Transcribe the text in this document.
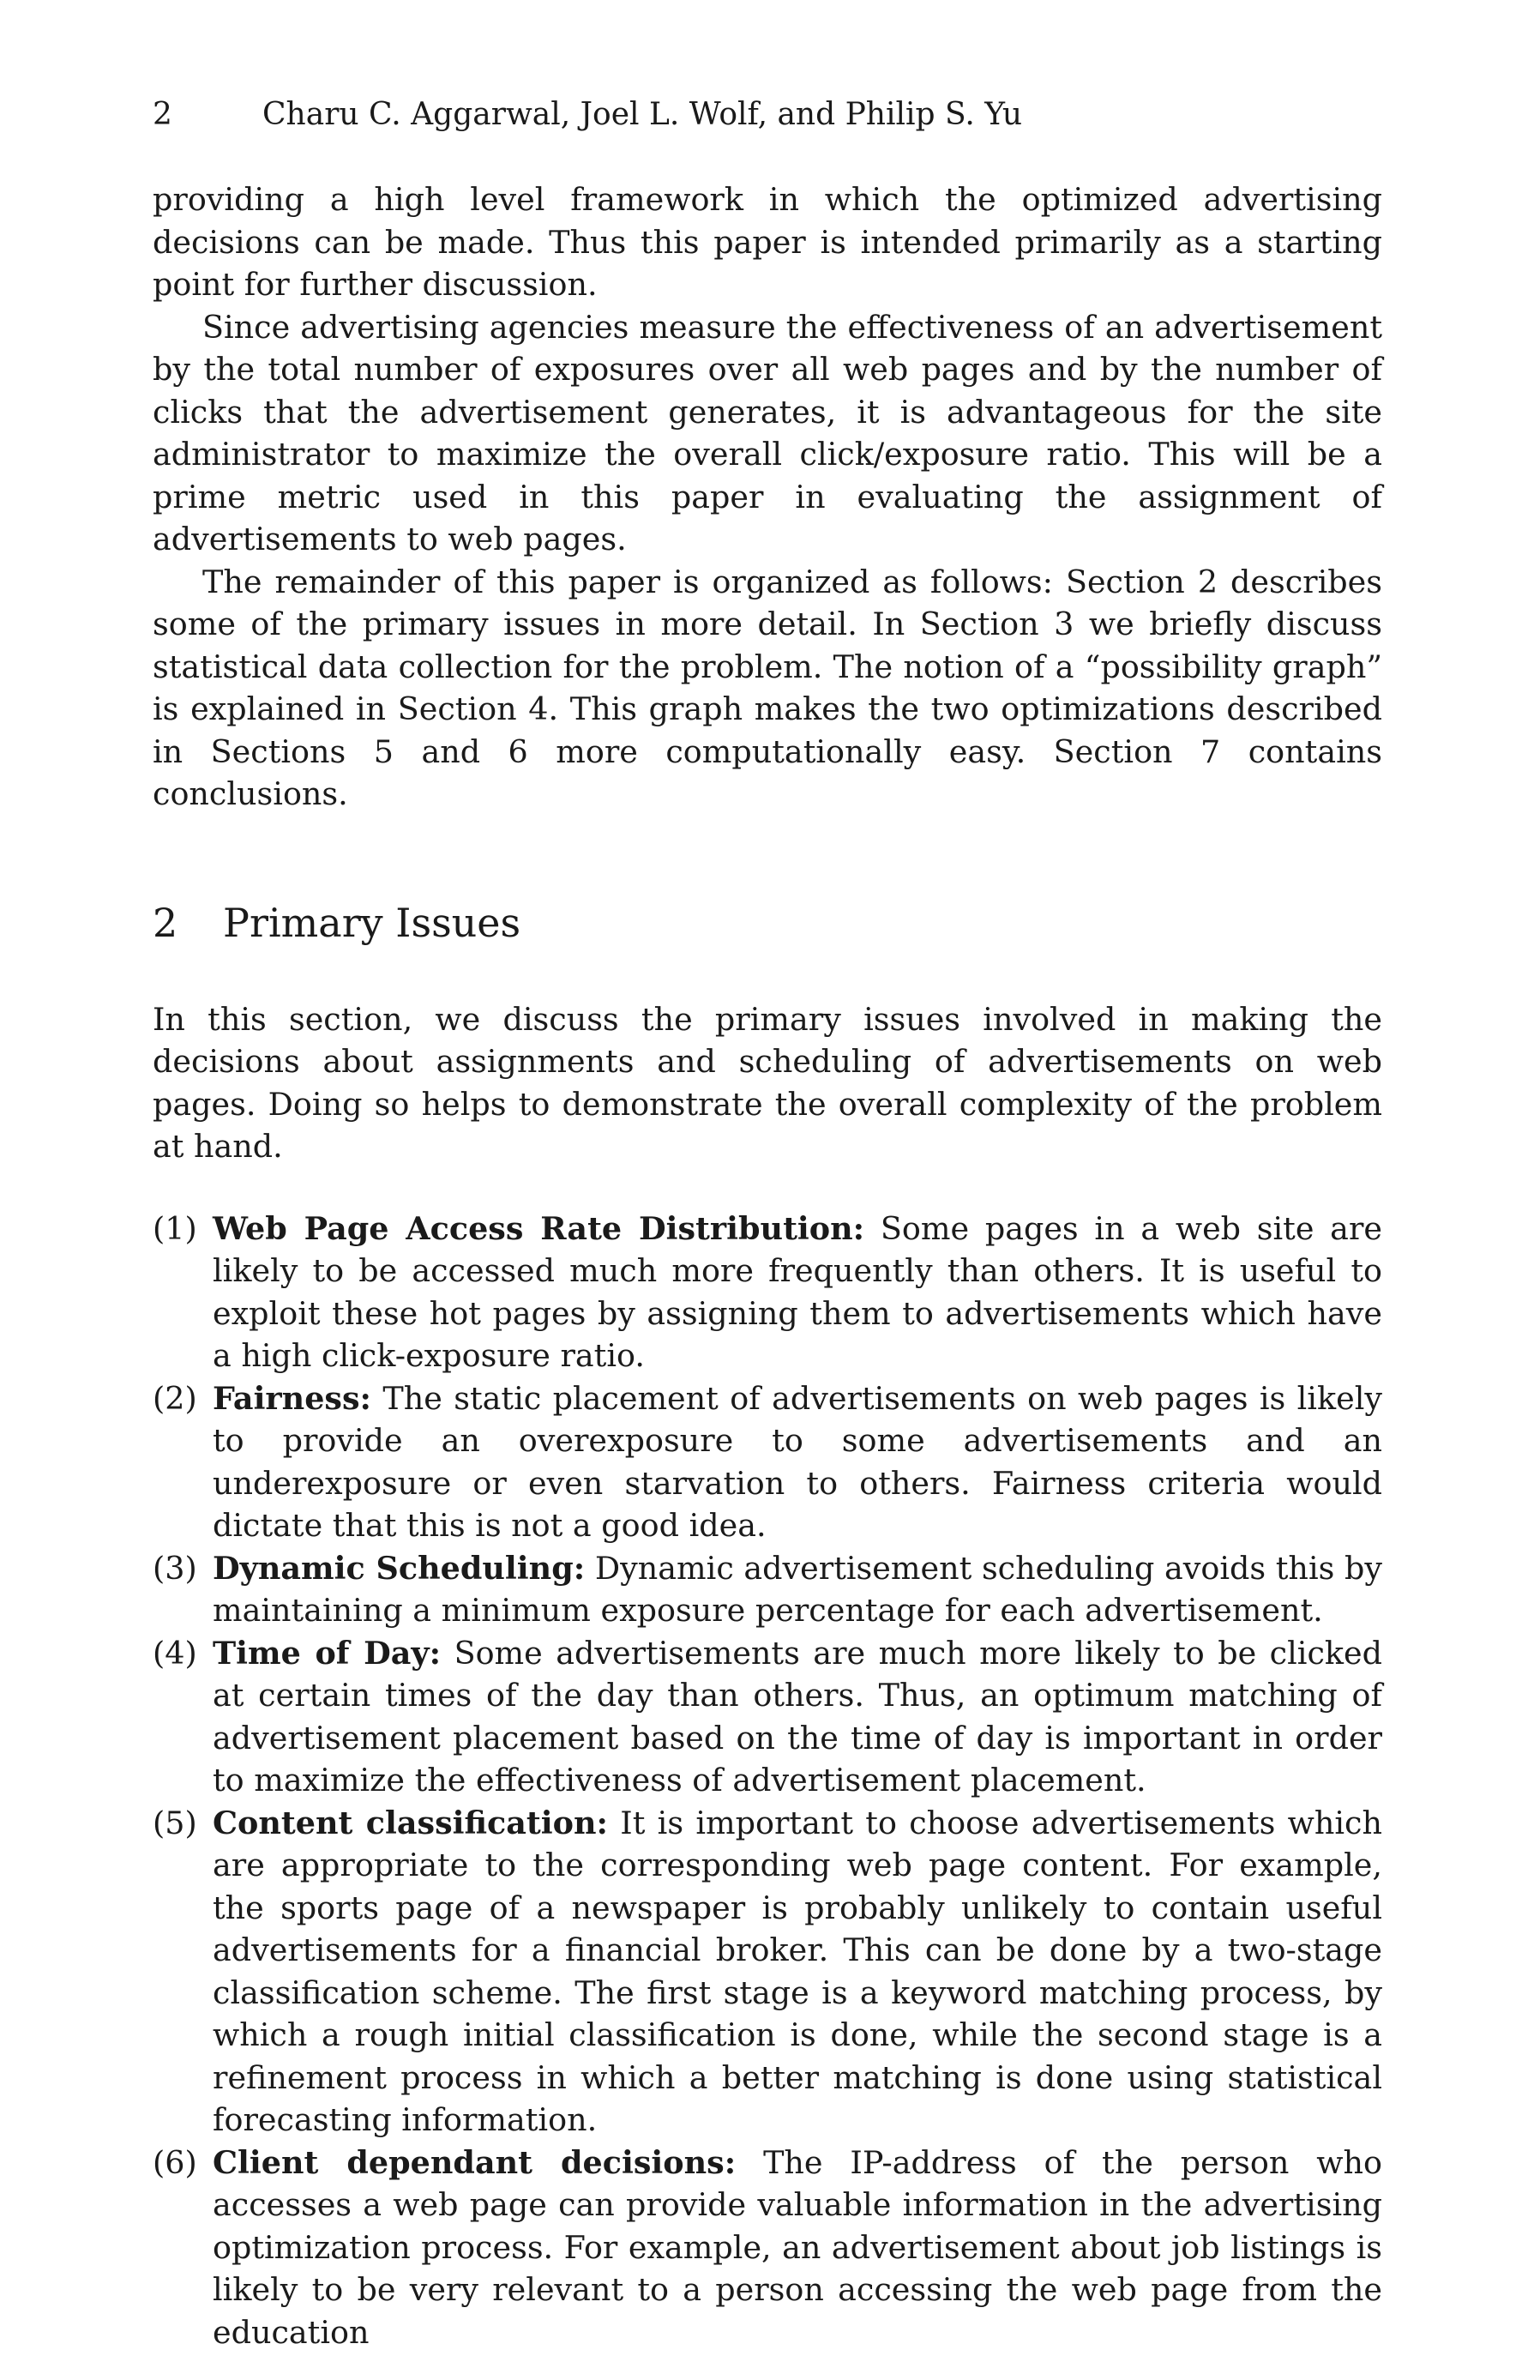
2	Charu C. Aggarwal, Joel L. Wolf, and Philip S. Yu

providing a high level framework in which the optimized advertising decisions can be made. Thus this paper is intended primarily as a starting point for further discussion.

Since advertising agencies measure the effectiveness of an advertisement by the total number of exposures over all web pages and by the number of clicks that the advertisement generates, it is advantageous for the site administrator to maximize the overall click/exposure ratio. This will be a prime metric used in this paper in evaluating the assignment of advertisements to web pages.

The remainder of this paper is organized as follows: Section 2 describes some of the primary issues in more detail. In Section 3 we briefly discuss statistical data collection for the problem. The notion of a “possibility graph” is explained in Section 4. This graph makes the two optimizations described in Sections 5 and 6 more computationally easy. Section 7 contains conclusions.

2	Primary Issues

In this section, we discuss the primary issues involved in making the decisions about assignments and scheduling of advertisements on web pages. Doing so helps to demonstrate the overall complexity of the problem at hand.

(1) Web Page Access Rate Distribution: Some pages in a web site are likely to be accessed much more frequently than others. It is useful to exploit these hot pages by assigning them to advertisements which have a high click-exposure ratio.
(2) Fairness: The static placement of advertisements on web pages is likely to provide an overexposure to some advertisements and an underexposure or even starvation to others. Fairness criteria would dictate that this is not a good idea.
(3) Dynamic Scheduling: Dynamic advertisement scheduling avoids this by maintaining a minimum exposure percentage for each advertisement.
(4) Time of Day: Some advertisements are much more likely to be clicked at certain times of the day than others. Thus, an optimum matching of advertisement placement based on the time of day is important in order to maximize the effectiveness of advertisement placement.
(5) Content classification: It is important to choose advertisements which are appropriate to the corresponding web page content. For example, the sports page of a newspaper is probably unlikely to contain useful advertisements for a financial broker. This can be done by a two-stage classification scheme. The first stage is a keyword matching process, by which a rough initial classification is done, while the second stage is a refinement process in which a better matching is done using statistical forecasting information.
(6) Client dependant decisions: The IP-address of the person who accesses a web page can provide valuable information in the advertising optimization process. For example, an advertisement about job listings is likely to be very relevant to a person accessing the web page from the education
